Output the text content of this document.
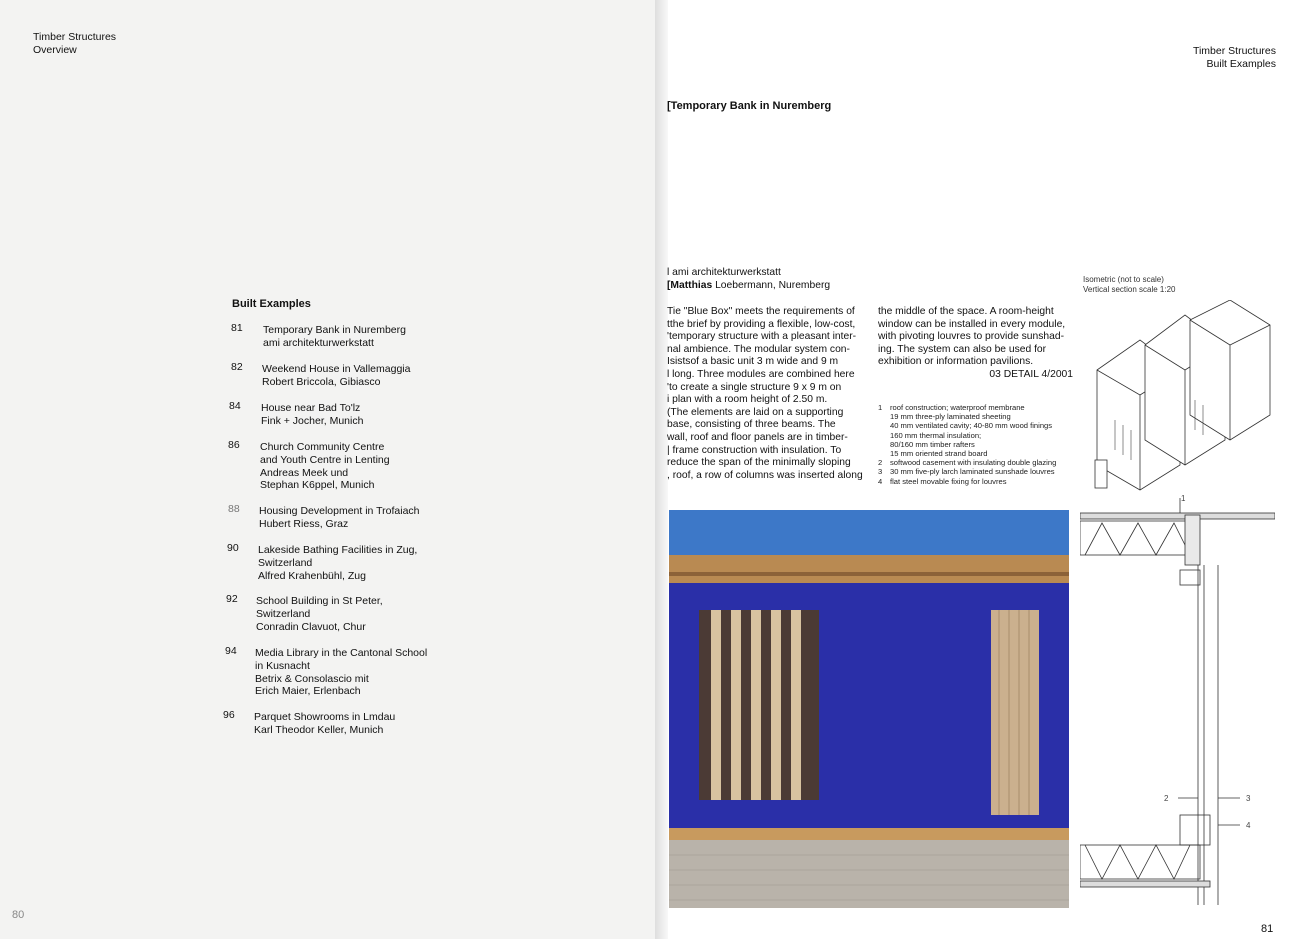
Timber Structures
Overview
Built Examples
81	Temporary Bank in Nuremberg
ami architekturwerkstatt
82	Weekend House in Vallemaggia
Robert Briccola, Gibiasco
84	House near Bad To'lz
Fink + Jocher, Munich
86	Church Community Centre
and Youth Centre in Lenting
Andreas Meek und
Stephan K6ppel, Munich
88	Housing Development in Trofaiach
Hubert Riess, Graz
90	Lakeside Bathing Facilities in Zug,
Switzerland
Alfred Krahenbühl, Zug
92	School Building in St Peter,
Switzerland
Conradin Clavuot, Chur
94	Media Library in the Cantonal School
in Kusnacht
Betrix & Consolascio mit
Erich Maier, Erlenbach
96	Parquet Showrooms in Lmdau
Karl Theodor Keller, Munich
80
Timber Structures
Built Examples
[Temporary Bank in Nuremberg
l ami architekturwerkstatt
[Matthias Loebermann, Nuremberg
Tie "Blue Box" meets the requirements of
tthe brief by providing a flexible, low-cost,
'temporary structure with a pleasant inter-
nal ambience. The modular system con-
Isistsof a basic unit 3 m wide and 9 m
l long. Three modules are combined here
'to create a single structure 9 x 9 m on
i plan with a room height of 2.50 m.
(The elements are laid on a supporting
base, consisting of three beams. The
wall, roof and floor panels are in timber-
| frame construction with insulation. To
reduce the span of the minimally sloping
, roof, a row of columns was inserted along
the middle of the space. A room-height
window can be installed in every module,
with pivoting louvres to provide sunshad-
ing. The system can also be used for
exhibition or information pavilions.
03 DETAIL 4/2001
1 roof construction; waterproof membrane
19 mm three-ply laminated sheeting
40 mm ventilated cavity; 40-80 mm wood finings
160 mm thermal insulation;
80/160 mm timber rafters
15 mm oriented strand board
2 softwood casement with insulating double glazing
3 30 mm five-ply larch laminated sunshade louvres
4 flat steel movable fixing for louvres
Isometric (not to scale)
Vertical section scale 1:20
1
2	3
4
81
